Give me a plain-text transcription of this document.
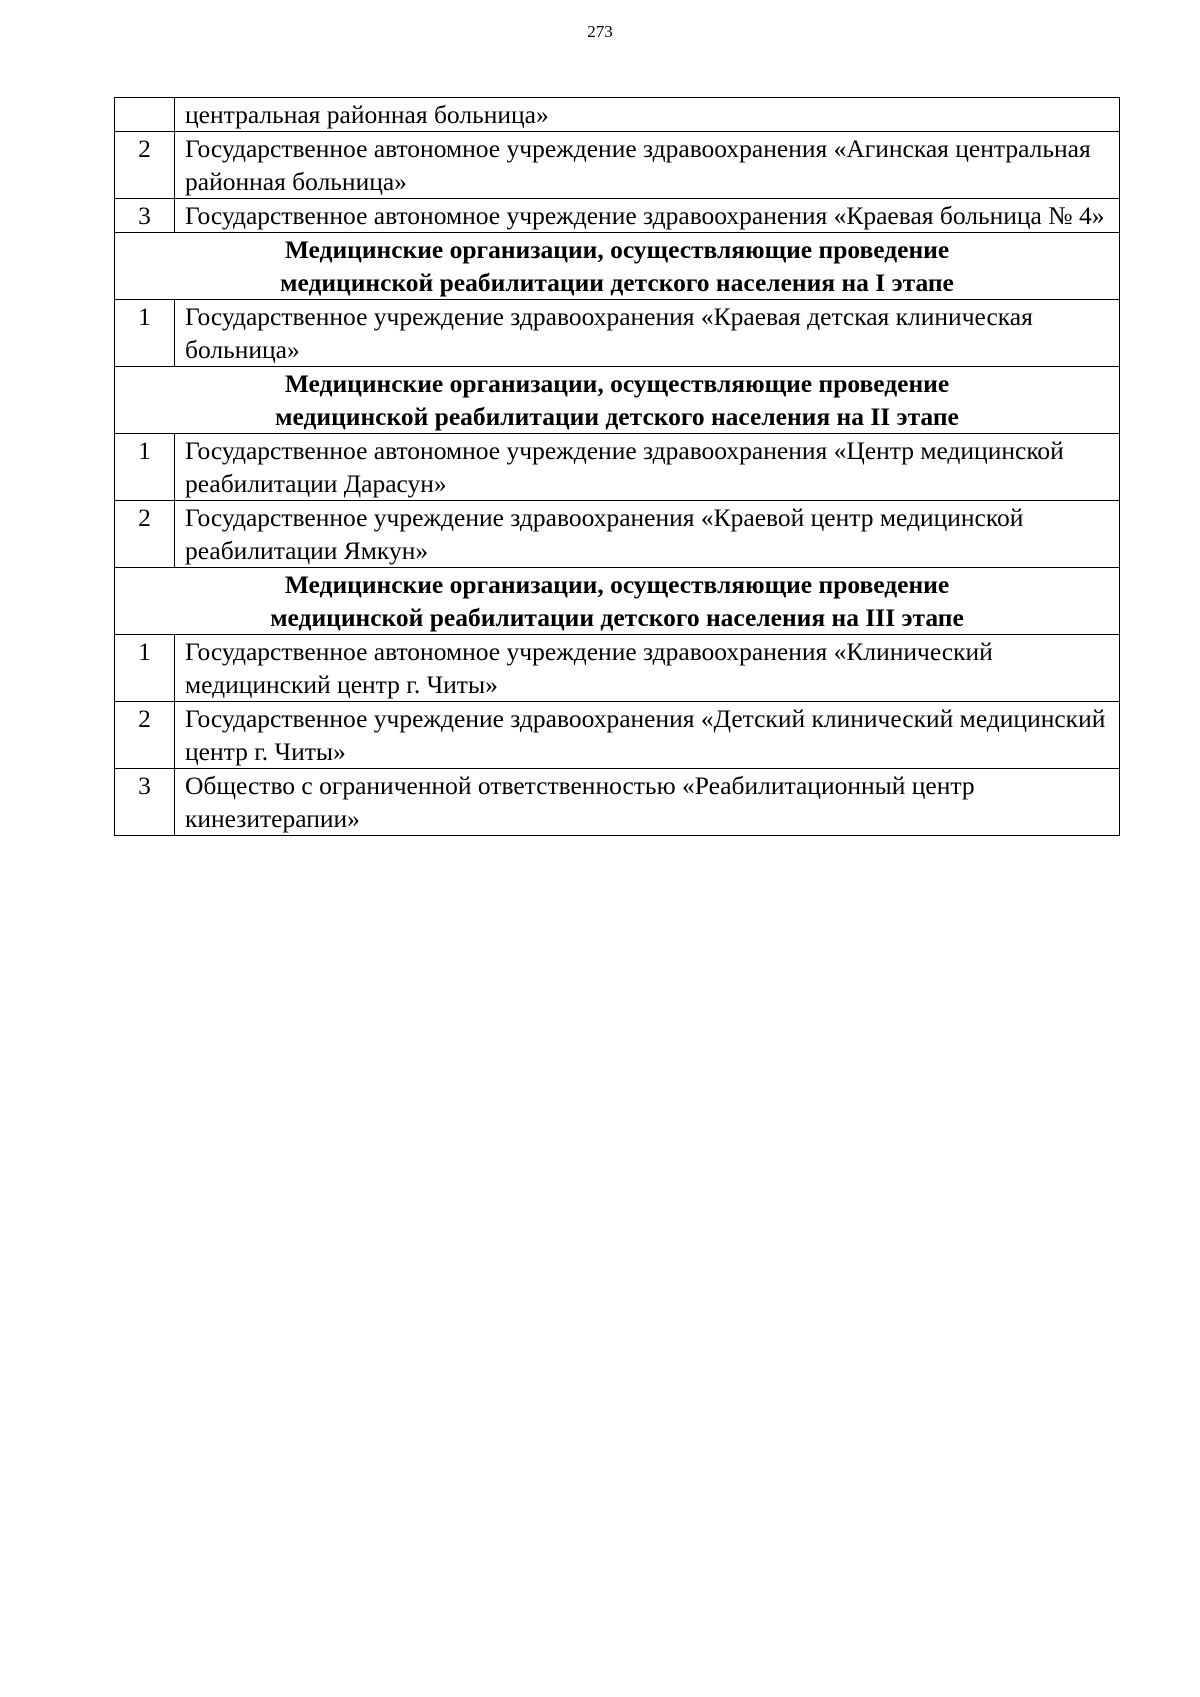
273
	центральная районная больница»
2	Государственное автономное учреждение здравоохранения «Агинская центральная районная больница»
3	Государственное автономное учреждение здравоохранения «Краевая больница № 4»

Медицинские организации, осуществляющие проведение
медицинской реабилитации детского населения на I этапе	

1	Государственное учреждение здравоохранения «Краевая детская клиническая больница»

Медицинские организации, осуществляющие проведение
медицинской реабилитации детского населения на II этапе	

1	Государственное автономное учреждение здравоохранения «Центр медицинской реабилитации Дарасун»
2	Государственное учреждение здравоохранения «Краевой центр медицинской реабилитации Ямкун»

Медицинские организации, осуществляющие проведение
медицинской реабилитации детского населения на III этапе	

1	Государственное автономное учреждение здравоохранения «Клинический медицинский центр г. Читы»
2	Государственное учреждение здравоохранения «Детский клинический медицинский центр г. Читы»
3	Общество с ограниченной ответственностью «Реабилитационный центр кинезитерапии»
